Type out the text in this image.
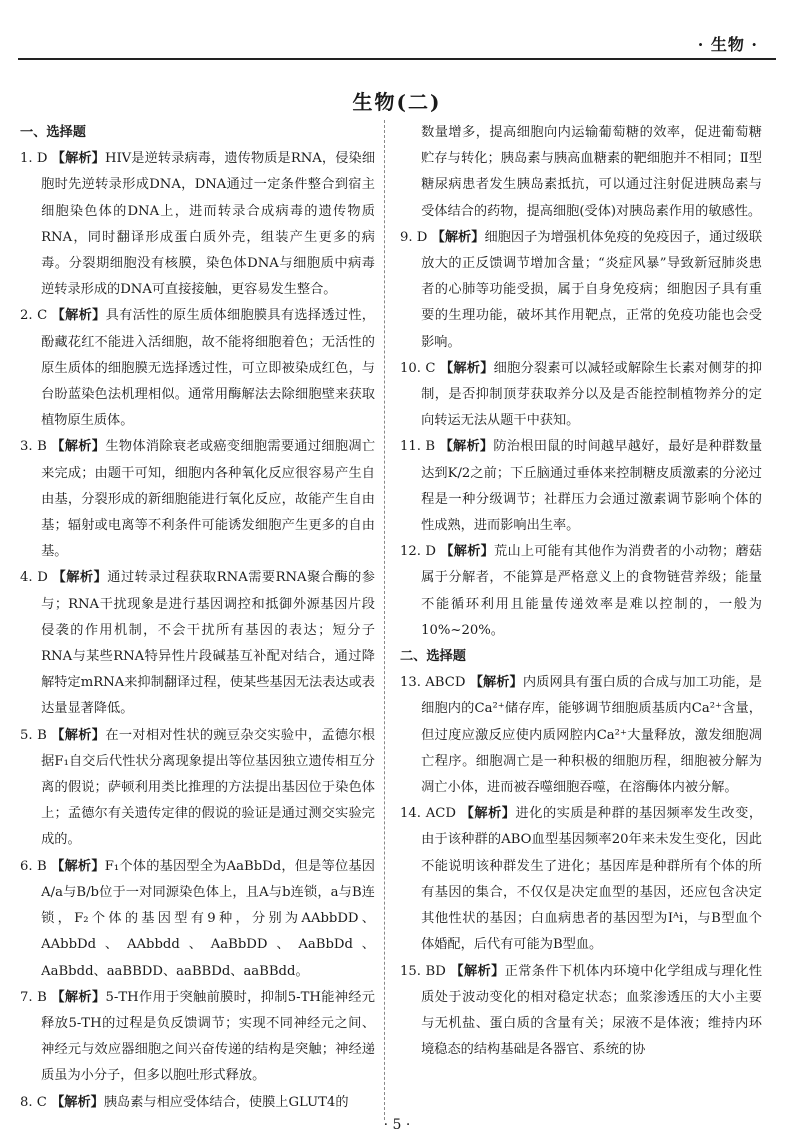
· 生物 ·
生物(二)
一、选择题
1. D 【解析】HIV是逆转录病毒，遗传物质是RNA，侵染细胞时先逆转录形成DNA，DNA通过一定条件整合到宿主细胞染色体的DNA上，进而转录合成病毒的遗传物质RNA，同时翻译形成蛋白质外壳，组装产生更多的病毒。分裂期细胞没有核膜，染色体DNA与细胞质中病毒逆转录形成的DNA可直接接触，更容易发生整合。
2. C 【解析】具有活性的原生质体细胞膜具有选择透过性，酚藏花红不能进入活细胞，故不能将细胞着色；无活性的原生质体的细胞膜无选择透过性，可立即被染成红色，与台盼蓝染色法机理相似。通常用酶解法去除细胞壁来获取植物原生质体。
3. B 【解析】生物体消除衰老或癌变细胞需要通过细胞凋亡来完成；由题干可知，细胞内各种氧化反应很容易产生自由基，分裂形成的新细胞能进行氧化反应，故能产生自由基；辐射或电离等不利条件可能诱发细胞产生更多的自由基。
4. D 【解析】通过转录过程获取RNA需要RNA聚合酶的参与；RNA干扰现象是进行基因调控和抵御外源基因片段侵袭的作用机制，不会干扰所有基因的表达；短分子RNA与某些RNA特异性片段碱基互补配对结合，通过降解特定mRNA来抑制翻译过程，使某些基因无法表达或表达量显著降低。
5. B 【解析】在一对相对性状的豌豆杂交实验中，孟德尔根据F₁自交后代性状分离现象提出等位基因独立遗传相互分离的假说；萨顿利用类比推理的方法提出基因位于染色体上；孟德尔有关遗传定律的假说的验证是通过测交实验完成的。
6. B 【解析】F₁个体的基因型全为AaBbDd，但是等位基因A/a与B/b位于一对同源染色体上，且A与b连锁，a与B连锁，F₂个体的基因型有9种，分别为AAbbDD、AAbbDd、AAbbdd、AaBbDD、AaBbDd、AaBbdd、aaBBDD、aaBBDd、aaBBdd。
7. B 【解析】5-TH作用于突触前膜时，抑制5-TH能神经元释放5-TH的过程是负反馈调节；实现不同神经元之间、神经元与效应器细胞之间兴奋传递的结构是突触；神经递质虽为小分子，但多以胞吐形式释放。
8. C 【解析】胰岛素与相应受体结合，使膜上GLUT4的
数量增多，提高细胞向内运输葡萄糖的效率，促进葡萄糖贮存与转化；胰岛素与胰高血糖素的靶细胞并不相同；Ⅱ型糖尿病患者发生胰岛素抵抗，可以通过注射促进胰岛素与受体结合的药物，提高细胞(受体)对胰岛素作用的敏感性。
9. D 【解析】细胞因子为增强机体免疫的免疫因子，通过级联放大的正反馈调节增加含量；“炎症风暴”导致新冠肺炎患者的心肺等功能受损，属于自身免疫病；细胞因子具有重要的生理功能，破坏其作用靶点，正常的免疫功能也会受影响。
10. C 【解析】细胞分裂素可以减轻或解除生长素对侧芽的抑制，是否抑制顶芽获取养分以及是否能控制植物养分的定向转运无法从题干中获知。
11. B 【解析】防治根田鼠的时间越早越好，最好是种群数量达到K/2之前；下丘脑通过垂体来控制糖皮质激素的分泌过程是一种分级调节；社群压力会通过激素调节影响个体的性成熟，进而影响出生率。
12. D 【解析】荒山上可能有其他作为消费者的小动物；蘑菇属于分解者，不能算是严格意义上的食物链营养级；能量不能循环利用且能量传递效率是难以控制的，一般为10%~20%。
二、选择题
13. ABCD 【解析】内质网具有蛋白质的合成与加工功能，是细胞内的Ca²⁺储存库，能够调节细胞质基质内Ca²⁺含量，但过度应激反应使内质网腔内Ca²⁺大量释放，激发细胞凋亡程序。细胞凋亡是一种积极的细胞历程，细胞被分解为凋亡小体，进而被吞噬细胞吞噬，在溶酶体内被分解。
14. ACD 【解析】进化的实质是种群的基因频率发生改变，由于该种群的ABO血型基因频率20年来未发生变化，因此不能说明该种群发生了进化；基因库是种群所有个体的所有基因的集合，不仅仅是决定血型的基因，还应包含决定其他性状的基因；白血病患者的基因型为Iᴬi，与B型血个体婚配，后代有可能为B型血。
15. BD 【解析】正常条件下机体内环境中化学组成与理化性质处于波动变化的相对稳定状态；血浆渗透压的大小主要与无机盐、蛋白质的含量有关；尿液不是体液；维持内环境稳态的结构基础是各器官、系统的协
· 5 ·
